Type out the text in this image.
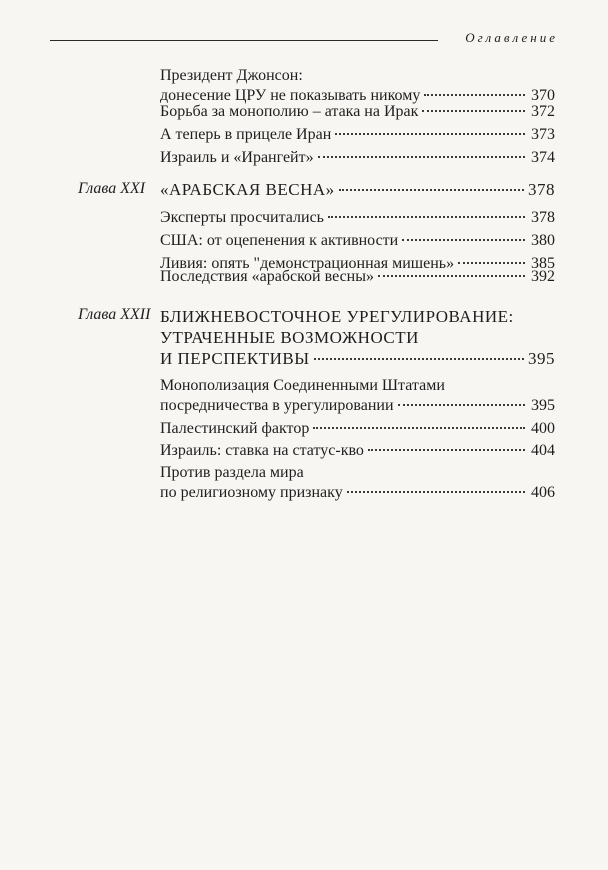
Оглавление
Президент Джонсон:
донесение ЦРУ не показывать никому	370
Борьба за монополию – атака на Ирак	372
А теперь в прицеле Иран	373
Израиль и «Ирангейт»	374
Глава XXI «АРАБСКАЯ ВЕСНА»	378
Эксперты просчитались	378
США: от оцепенения к активности	380
Ливия: опять "демонстрационная мишень»	385
Последствия «арабской весны»	392
Глава XXII БЛИЖНЕВОСТОЧНОЕ УРЕГУЛИРОВАНИЕ:
УТРАЧЕННЫЕ ВОЗМОЖНОСТИ
И ПЕРСПЕКТИВЫ	395
Монополизация Соединенными Штатами
посредничества в урегулировании	395
Палестинский фактор	400
Израиль: ставка на статус-кво	404
Против раздела мира
по религиозному признаку	406
